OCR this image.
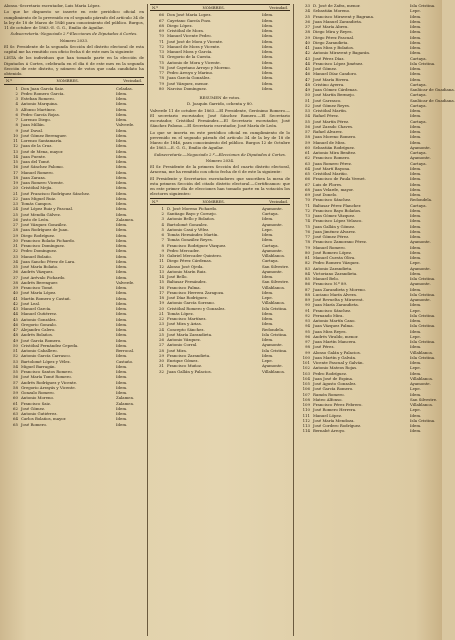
Alonso.-Secretario escrutador, Luis María López.

Lo que he dispuesto se inserte en este periódico oficial en cumplimiento de lo prevenido en el segundo párrafo del artículo 34 de la ley de 18 de Marzo de 1846 para conocimiento del público. Burgos, 11 de octubre de 1863.-E. G. G., Emilio de Aguilar.

Subsecretaría.-Negociado 2.º-Elecciones de Diputados á Cortes.

Número 2033.

El Sr. Presidente de la segunda Sección del distrito electoral de esta capital me ha remitido con oficio fecha 6 de este mes la siguiente

LISTA de los individuos que han tomado parte en la elección de Diputados á Cortes, celebrada en el día 6 de este mes en la segunda Sección de este distrito, y número de votos que cada candidato ha obtenido.

N.º	NOMBRES.	Vecindad.
1 Don Juan García Saiz.	Celadas.
2 Pedro Romero García.	Idem.
3 Esteban Romero.	Idem.
4 Antonio Marquina.	Idem.
5 Alfonso Martínez.	Idem.
6 Pedro García Rojas.	Idem.
7 Lorenzo Diego.	Idem.
8 Juan Millán.	Valverde.
9 José Duval.	Idem.
10 José Gómez Berenguer.	Idem.
11 Lorenzo Santamaría.	Idem.
12 Juan de la Cruz.	Idem.
13 José de Mena, mayor.	Idem.
14 Juan Puente.	Idem.
15 Juan del Tomé.	Idem.
16 José Sánchez Palomo.	Idem.
17 Manuel Romero.	Idem.
18 Juan Zaraza.	Idem.
19 Juan Romero Vicente.	Idem.
20 Cristóbal Mejía.	Idem.
21 José Francisco Rodríguez Sánchez.	Idem.
22 Juan Miguel Ruiz.	Idem.
23 Tomás Campos.	Idem.
24 José López Ruiz y Pascual.	Idem.
25 José Mendía Gálvez.	Idem.
26 Justo de León.	Zalamea.
27 José Vázquez González.	Idem.
28 Juan Rodríguez de Juan.	Idem.
29 Diego Rodríguez.	Idem.
30 Francisco Bolaño Pichardo.	Idem.
31 Francisco Domínguez.	Idem.
32 Pedro Domínguez.	Idem.
33 Manuel Bolaño.	Idem.
34 Juan Sancho Pérez de Lara.	Idem.
35 José María Bolaño.	Idem.
36 Andrés Vázquez.	Idem.
37 José Arévalo Pichardo.	Idem.
38 Andrés Berenguer.	Valverde.
39 Francisco Tomé.	Idem.
40 José María López.	Idem.
41 Martín Romero y Castañ.	Idem.
42 José Leal.	Idem.
43 Manuel García.	Idem.
44 Manuel Gutiérrez.	Idem.
45 Antonio González.	Idem.
46 Gregorio Gonzalo.	Idem.
47 Alejandro Calero.	Idem.
48 Andrés Bolaños.	Idem.
49 José García Romero.	Idem.
50 Cristóbal Fernández Cepeda.	Idem.
51 Antonio Caballero.	Berrocal.
52 Antonio García Carrasco.	Idem.
53 Bartolomé López y Vélez.	Castaño.
54 Miguel Barragán.	Idem.
55 Francisco Santos Romero.	Idem.
56 José María Tomé Romero.	Idem.
57 Andrés Rodríguez y Vicente.	Idem.
58 Gregorio Arrayás y Vicente.	Idem.
59 Gonzalo Romero.	Idem.
60 Antonio Moreno.	Zalamea.
61 Francisco Saiz.	Zalamea.
62 José Gómez.	Idem.
63 Antonio Gutiérrez.	Idem.
64 Carlos Bolaños, mayor.	Idem.
65 José Romero.	Idem.
N.º	NOMBRES.	Vecindad.
66 Don José María Lopez.	Idem.
67 Cayetano García Pozo.	Idem.
68 Diego López.	Idem.
69 Cristóbal de Mora.	Idem.
70 Manuel Vicente Pedro.	Idem.
71 José José de Mora y Vicente.	Idem.
72 Manuel de Mora y Vicente.	Idem.
73 Manuel Mora y García.	Idem.
74 Gregorio de la Cuesta.	Idem.
75 Antonio de Mora y Vicente.	Idem.
76 José Cayetano Arroyo y Moreno.	Idem.
77 Pedro Arroyo y Marino.	Idem.
78 Juan García González.	Idem.
79 José Vázquez, menor.	Idem.
80 Narciso Domínguez.	Idem.

RESUMEN de votos.

D. Joaquín Garrido, ochenta y 80.

Valverde 11 de octubre de 1863.—El Presidente, Gerónimo Romero.—El secretario escrutador, José Sánchez Romero.—El Secretario escrutador, Cristóbal Fernández.—El Secretario escrutador, José Sánchez Palomo.—El Secretario escrutador, José María de León.

Lo que se inserta en este periódico oficial en cumplimiento de lo prevenido en el segundo párrafo del artículo 34 de la ley de 18 de Marzo de 1846, para conocimiento del público. Burgos 12 de Octubre de 1863.—E. G. G., Emilio de Aguilar.

Subsecretaría.—Negociado 2.º—Elecciones de Diputados á Cortes.

Número 2034.

El Sr. Presidente de la primera Sección del cuarto distrito electoral, Aracena, me ha remitido con oficio fecha de 6 de este la siguiente:

El Presidente y Secretarios escrutadores que suscriben la mesa de esta primera Sección del citado distrito electoral.—Certificamos: que en este primer día de elecciones han tomado parte en la votación los electores siguientes:

N.º	NOMBRES.	Vecindad.
1 D. José Moreno Pichardo.	Ayamonte.
2 Santiago Bayo y Cornejo.	Cartaya.
3 Antonio Bello y Bolaños.	Idem.
4 Bartolomé Gonzalez.	Ayamonte.
5 Antonio Casá y Vélez.	Lepe.
6 Tomás Hernández Martín.	Idem.
7 Tomás González Reyes.	Idem.
8 Francisco Rodríguez Vázquez.	Cartaya.
9 Pedro Mercader.	Ayamonte.
10 Gabriel Mercader Quintero.	Villablanca.
11 Diego Pérez Cárdenas.	Cartaya.
12 Alonso José Ojeda.	San Silvestre.
13 Antonio Marín Ruiz.	Ayamonte.
14 José Bello.	Idem.
15 Baltasar Fernández.	San Silvestre.
16 Francisco Palma.	Villablanca.
17 Francisco Herrera Zaragoza.	Idem.
18 José Díaz Rodríguez.	Lepe.
19 Antonio García Sorrano.	Villablanca.
20 Cristóbal Romero y Gonzalez.	Isla Cristina.
21 Tomás López.	Idem.
22 Francisco Martínez.	Idem.
23 José Mira y Arias.	Idem.
24 Concepto Sánchez.	Redondela.
25 José María Zarandieta.	Isla Cristina.
26 Antonio Vázquez.	Idem.
27 Antonio Corral.	Ayamonte.
28 José Mira.	Isla Cristina.
29 Francisco Zarandieta.	Idem.
30 Enrique Gómez.	Lepe.
31 Francisco Muñoz.	Ayamonte.
32 Juan Gallán y Palacios.	Villablanca.
33 D. José de Zafra, menor.	Isla Cristina.
34 Sebastián Moreno.	Lepe.
35 Francisco Miravent y Bagrana.	Idem.
36 Juan Manuel Zarandieta.	Idem.
37 José María Abreu.	Idem.
38 Diego Mira y Reyes.	Idem.
39 Diego Pérez Pascual.	Idem.
40 Diego Zarandieta.	Idem.
41 Juan Mira y Bolaños.	Idem.
42 Antonio Miravent y Bagarán.	Idem.
43 José Pérez Díaz.	Cartaya.
44 Francisco López Jiménez.	Isla Cristina.
45 José Gómez.	Idem.
46 Manuel Díaz Candoro.	Idem.
47 José María Rivera.	Idem.
48 Cristino Ayerra.	Cartaya.
49 Juan Gómez Cárdenas.	Sanlúcar de Guadiana.
50 José Martín Bermejo.	Cartaya.
51 José Carrasco.	Sanlúcar de Guadiana.
52 José Gómez Reyes.	Cartaya.
53 Cristóbal Martín.	Idem.
54 Rafael Pérez.	Idem.
55 José Martín Pérez.	Cartaya.
56 José Zarado Chaves.	Idem.
57 Rafael Alvarez.	Idem.
58 Juan Moreno Romero.	Idem.
59 Manuel de Mira.	Idem.
60 Sebastián Rodríguez.	Ayamonte.
61 Antonio Mira Benítez.	Cartaya.
62 Francisco Romero.	Ayamonte.
63 Juan Romero Pérez.	Cartaya.
64 José Martí Bayona.	Idem.
65 Cristóbal Mariño.	Idem.
66 Francisco de Paula Vernet.	Idem.
67 Luis de Flores.	Idem.
68 Juan Velarde, mayor.	Idem.
69 José Donelo.	Idem.
70 Francisco Sánchez.	Redondela.
71 Baltasar Pérez Plancher.	Cartaya.
72 Francisco Bayo Bolaños.	Idem.
73 Juan Gómez Vázquez.	Idem.
74 Francisco López Velasco.	Idem.
75 Juan Gallán y Gómez.	Idem.
76 Juan Jiménez Alvarez.	Idem.
77 José Gómez Pérez.	Idem.
78 Francisco Zamorano Pérez.	Ayamonte.
79 Manuel Romero.	Idem.
80 José Romero López.	Idem.
81 Manuel Cuesta Oliva.	Idem.
82 Pedro Romero Vázquez.	Lepe.
83 Antonio Zarandieta.	Ayamonte.
84 Victoriano Zarandieta.	Idem.
85 Manuel Belo.	Isla Cristina.
86 Francisco N.º 89.	Ayamonte.
87 Juan Zarandieta y Moreno.	Idem.
88 Luciano Marín Alvera.	Isla Cristina.
89 José Revuelta y Miravent.	Ayamonte.
90 Juan María Zarandieta.	Idem.
91 Francisco Sánchez.	Lepe.
92 Fernando Mira.	Isla Cristina.
93 Antonio Martín Cano.	Idem.
94 Juan Vázquez Palma.	Isla Cristina.
95 Juan Mira Reyes.	Idem.
96 Andrés Viraldo, menor.	Lepe.
97 Juan Martín Mancera.	Isla Cristina.
98 José Pérez.	Idem.
99 Alonso Galán y Palacios.	Villablanca.
100 Juan Martín y Galván.	Isla Cristina.
101 Vicente Pascual y Galván.	Idem.
102 Antonio Mateos Rojas.	Lepe.
103 Pedro Rodríguez.	Idem.
104 Juan José de Espina.	Villablanca.
105 José Agusto Gonzalez.	Ayamonte.
106 José García Romero.	Lepe.
107 Ramón Romero.	Idem.
108 Mateo Alfonso.	San Silvestre.
109 Francisco Pérez Febrero.	Villablanca.
110 José Romero Herrera.	Lepe.
111 Manuel López.	Idem.
112 José María Mendoza.	Isla Cristina.
113 José Cordero Rodríguez.	Idem.
114 Bernabé Arroyo.	Idem.
